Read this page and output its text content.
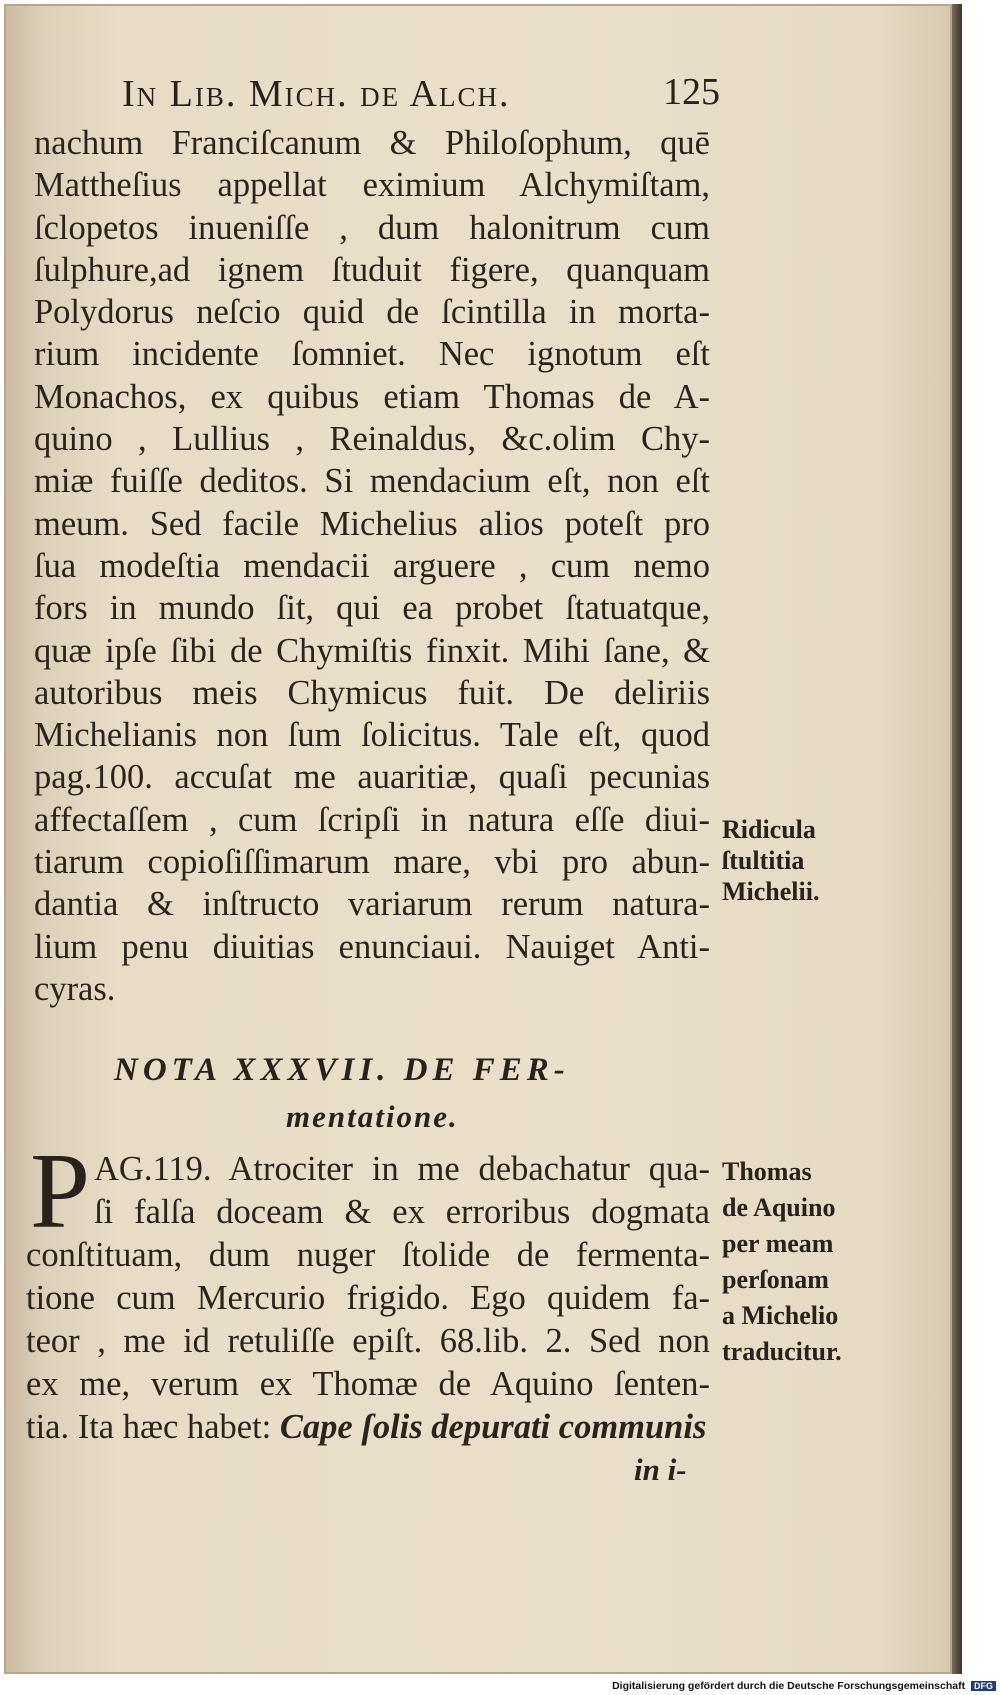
In Lib. Mich. de Alch.	125
nachum Franciſcanum & Philoſophum, quē
Mattheſius appellat eximium Alchymiſtam,
ſclopetos inueniſſe , dum halonitrum cum
ſulphure,ad ignem ſtuduit figere, quanquam
Polydorus neſcio quid de ſcintilla in morta-
rium incidente ſomniet. Nec ignotum eſt
Monachos, ex quibus etiam Thomas de A-
quino , Lullius , Reinaldus, &c.olim Chy-
miæ fuiſſe deditos. Si mendacium eſt, non eſt
meum. Sed facile Michelius alios poteſt pro
ſua modeſtia mendacii arguere , cum nemo
fors in mundo ſit, qui ea probet ſtatuatque,
quæ ipſe ſibi de Chymiſtis finxit. Mihi ſane, &
autoribus meis Chymicus fuit. De deliriis
Michelianis non ſum ſolicitus. Tale eſt, quod
pag.100. accuſat me auaritiæ, quaſi pecunias
affectaſſem , cum ſcripſi in natura eſſe diui-
tiarum copioſiſſimarum mare, vbi pro abun-
dantia & inſtructo variarum rerum natura-
lium penu diuitias enunciaui. Nauiget Anti-
cyras.
Ridicula
ſtultitia
Michelii.
NOTA XXXVII. DE FER-
mentatione.
P AG.119. Atrociter in me debachatur qua-
ſi falſa doceam & ex erroribus dogmata
conſtituam, dum nuger ſtolide de fermenta-
tione cum Mercurio frigido. Ego quidem fa-
teor , me id retuliſſe epiſt. 68.lib. 2. Sed non
ex me, verum ex Thomæ de Aquino ſenten-
tia. Ita hæc habet: Cape ſolis depurati communis
in i-
Thomas
de Aquino
per meam
perſonam
a Michelio
traducitur.
Digitalisierung gefördert durch die Deutsche Forschungsgemeinschaft DFG
